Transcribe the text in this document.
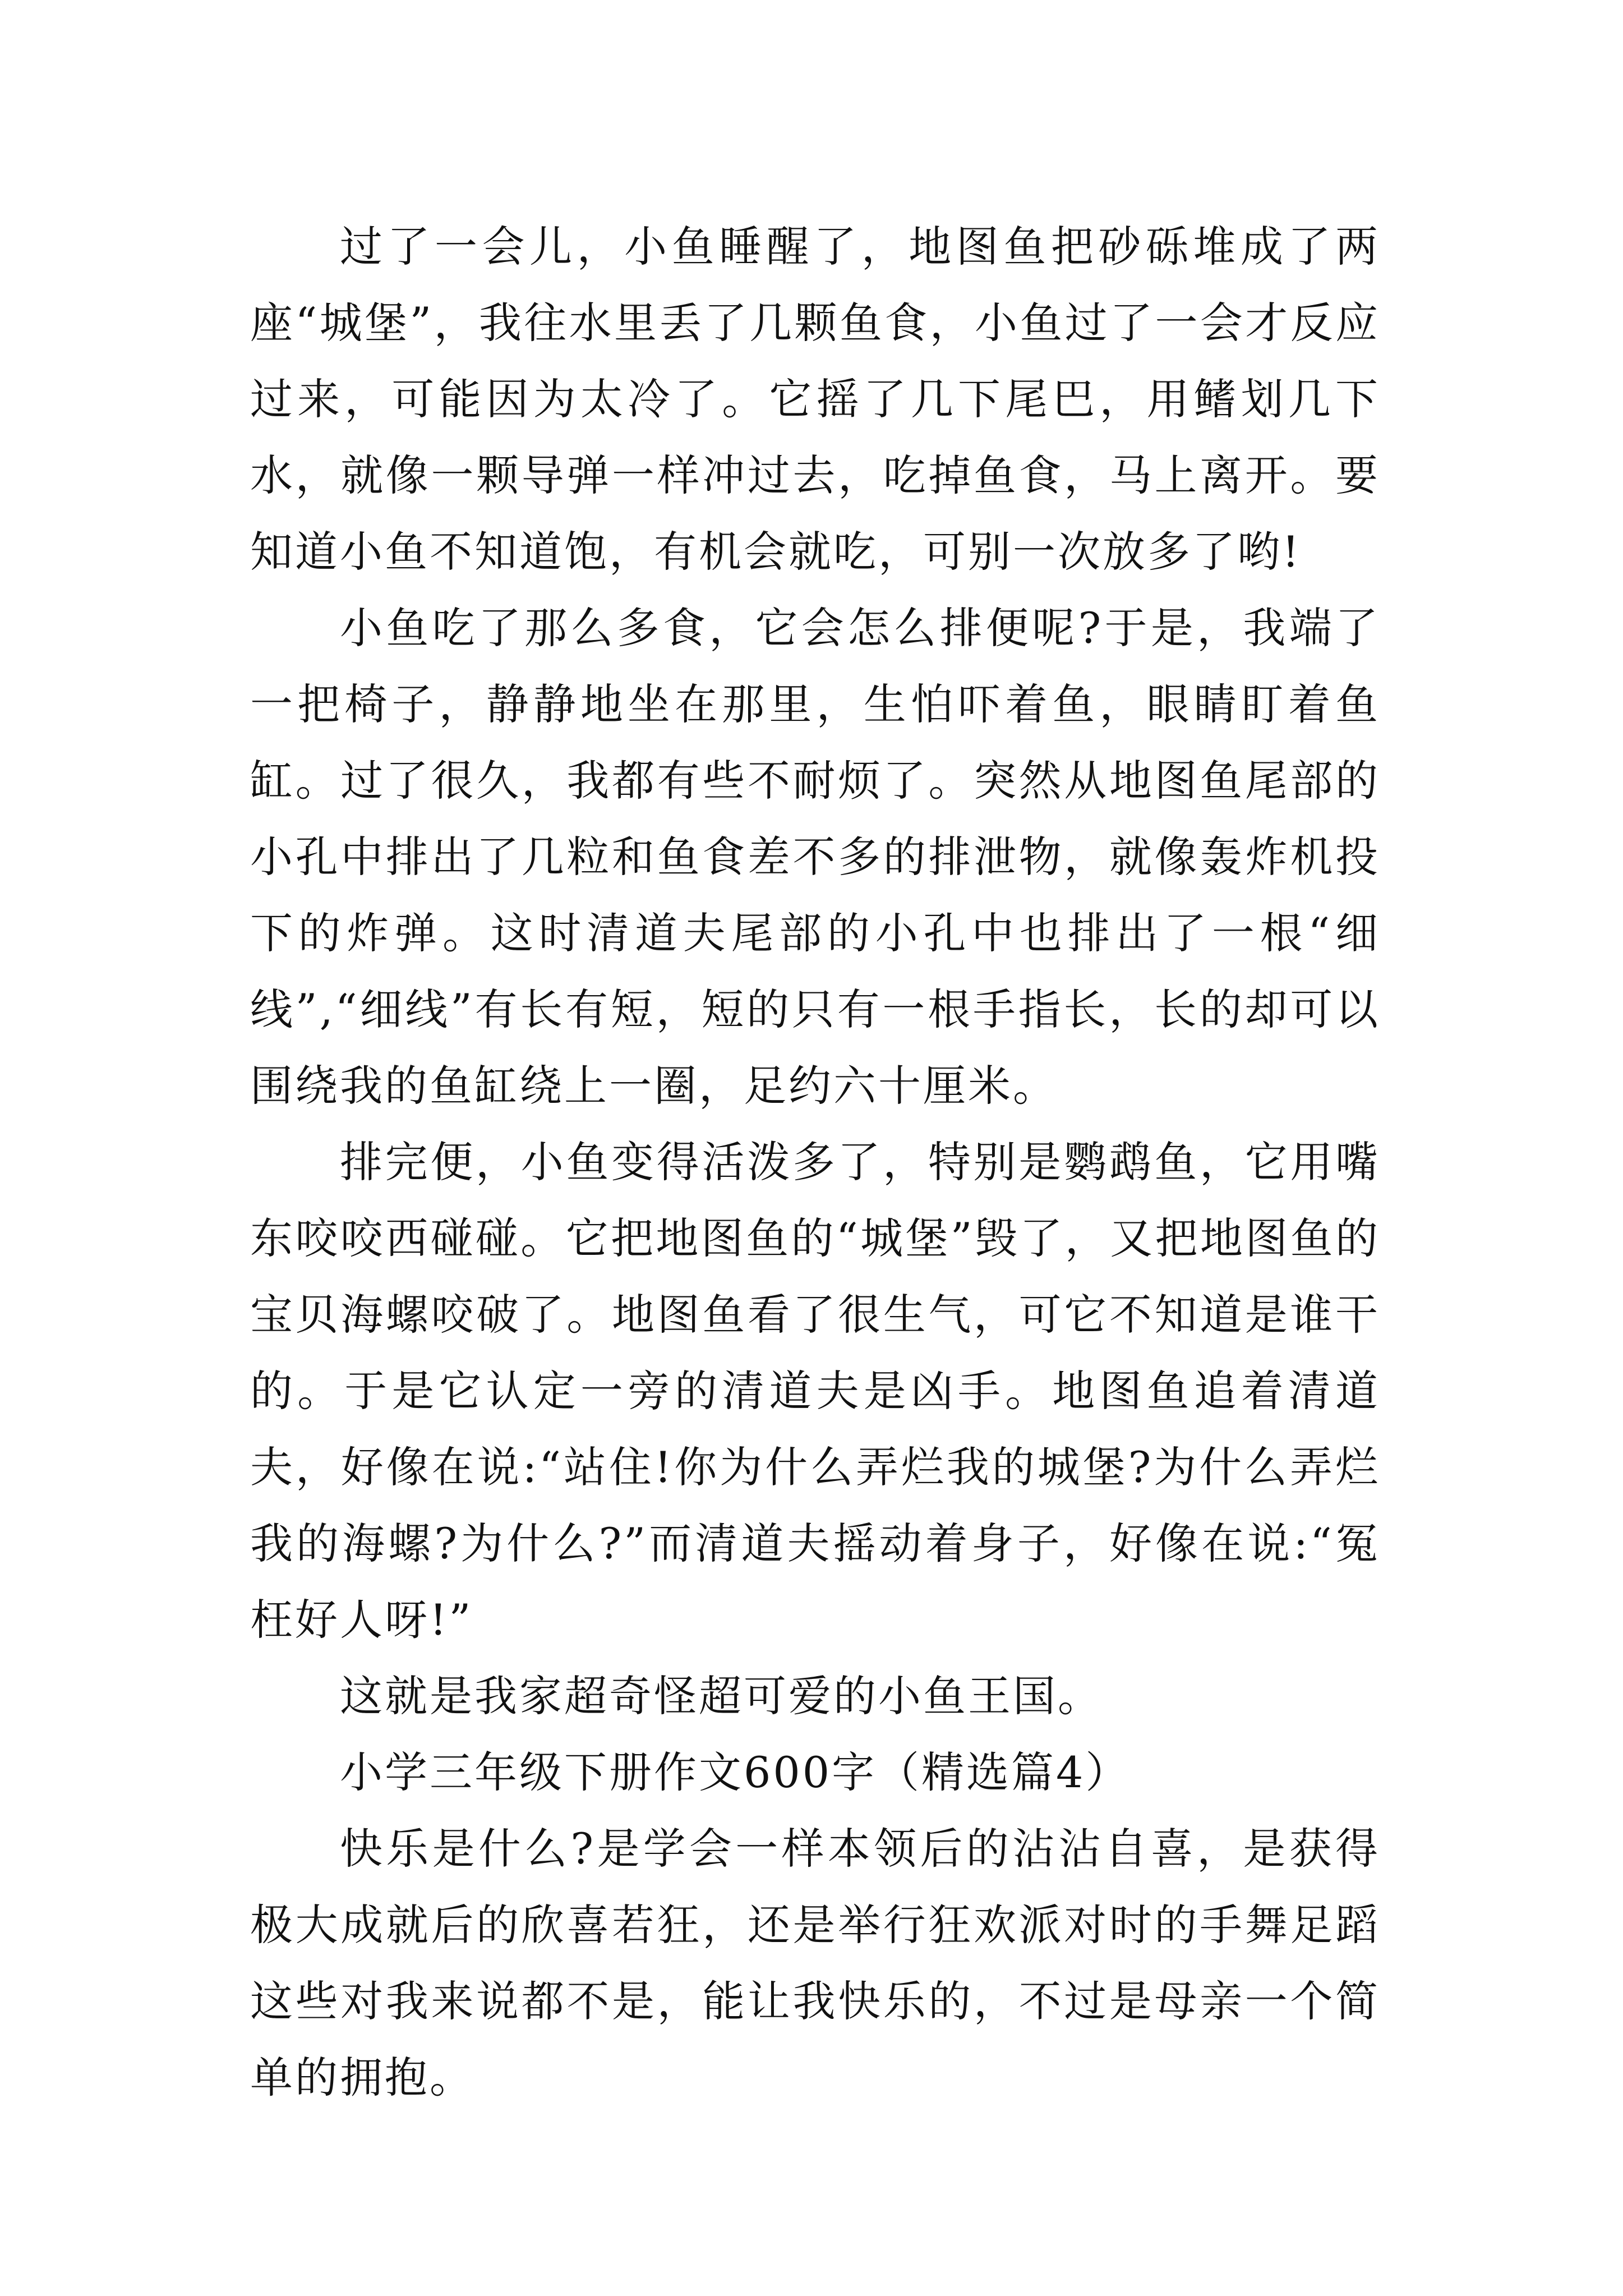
过了一会儿，小鱼睡醒了，地图鱼把砂砾堆成了两座“城堡”，我往水里丢了几颗鱼食，小鱼过了一会才反应过来，可能因为太冷了。它摇了几下尾巴，用鳍划几下水，就像一颗导弹一样冲过去，吃掉鱼食，马上离开。要知道小鱼不知道饱，有机会就吃，可别一次放多了哟!

小鱼吃了那么多食，它会怎么排便呢?于是，我端了一把椅子，静静地坐在那里，生怕吓着鱼，眼睛盯着鱼缸。过了很久，我都有些不耐烦了。突然从地图鱼尾部的小孔中排出了几粒和鱼食差不多的排泄物，就像轰炸机投下的炸弹。这时清道夫尾部的小孔中也排出了一根“细线”,“细线”有长有短，短的只有一根手指长，长的却可以围绕我的鱼缸绕上一圈，足约六十厘米。

排完便，小鱼变得活泼多了，特别是鹦鹉鱼，它用嘴东咬咬西碰碰。它把地图鱼的“城堡”毁了，又把地图鱼的宝贝海螺咬破了。地图鱼看了很生气，可它不知道是谁干的。于是它认定一旁的清道夫是凶手。地图鱼追着清道夫，好像在说:“站住!你为什么弄烂我的城堡?为什么弄烂我的海螺?为什么?”而清道夫摇动着身子，好像在说:“冤枉好人呀!”

这就是我家超奇怪超可爱的小鱼王国。

小学三年级下册作文600字（精选篇4）

快乐是什么?是学会一样本领后的沾沾自喜，是获得极大成就后的欣喜若狂，还是举行狂欢派对时的手舞足蹈这些对我来说都不是，能让我快乐的，不过是母亲一个简单的拥抱。
